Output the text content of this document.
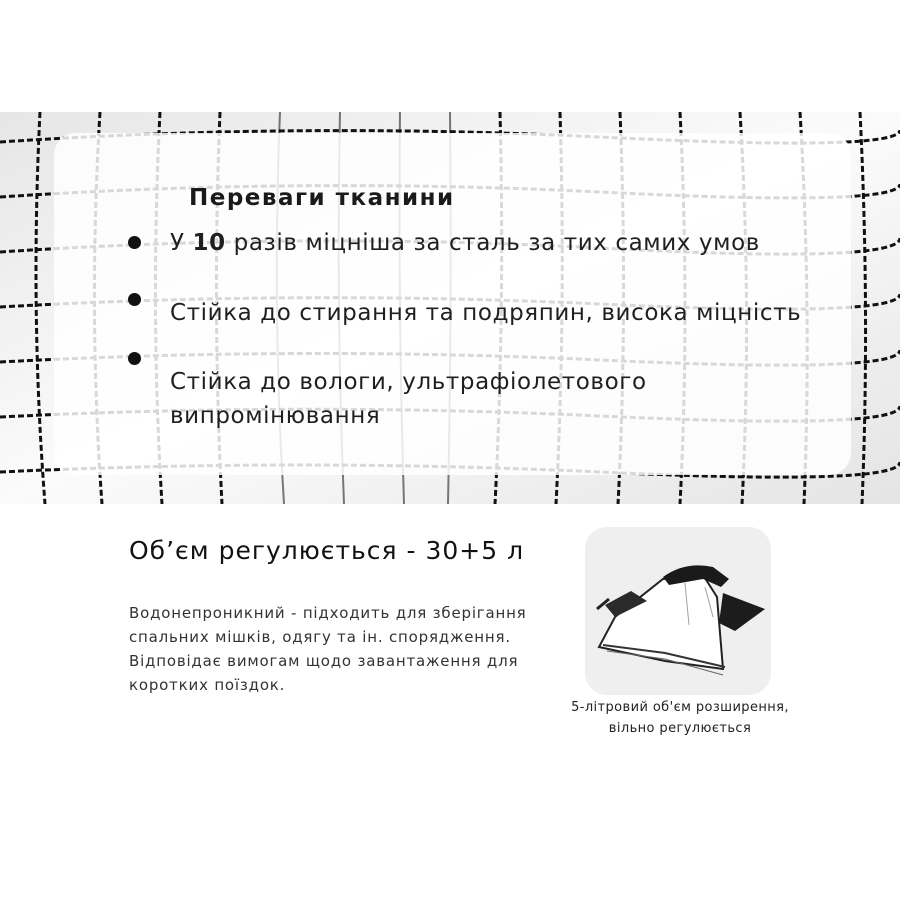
Переваги тканини
У 10 разів міцніша за сталь за тих самих умов
Стійка до стирання та подряпин, висока міцність
Стійка до вологи, ультрафіолетового випромінювання
Об’єм регулюється - 30+5 л
Водонепроникний - підходить для зберігання спальних мішків, одягу та ін. спорядження. Відповідає вимогам щодо завантаження для коротких поїздок.
5-літровий об'єм розширення,
вільно регулюється
